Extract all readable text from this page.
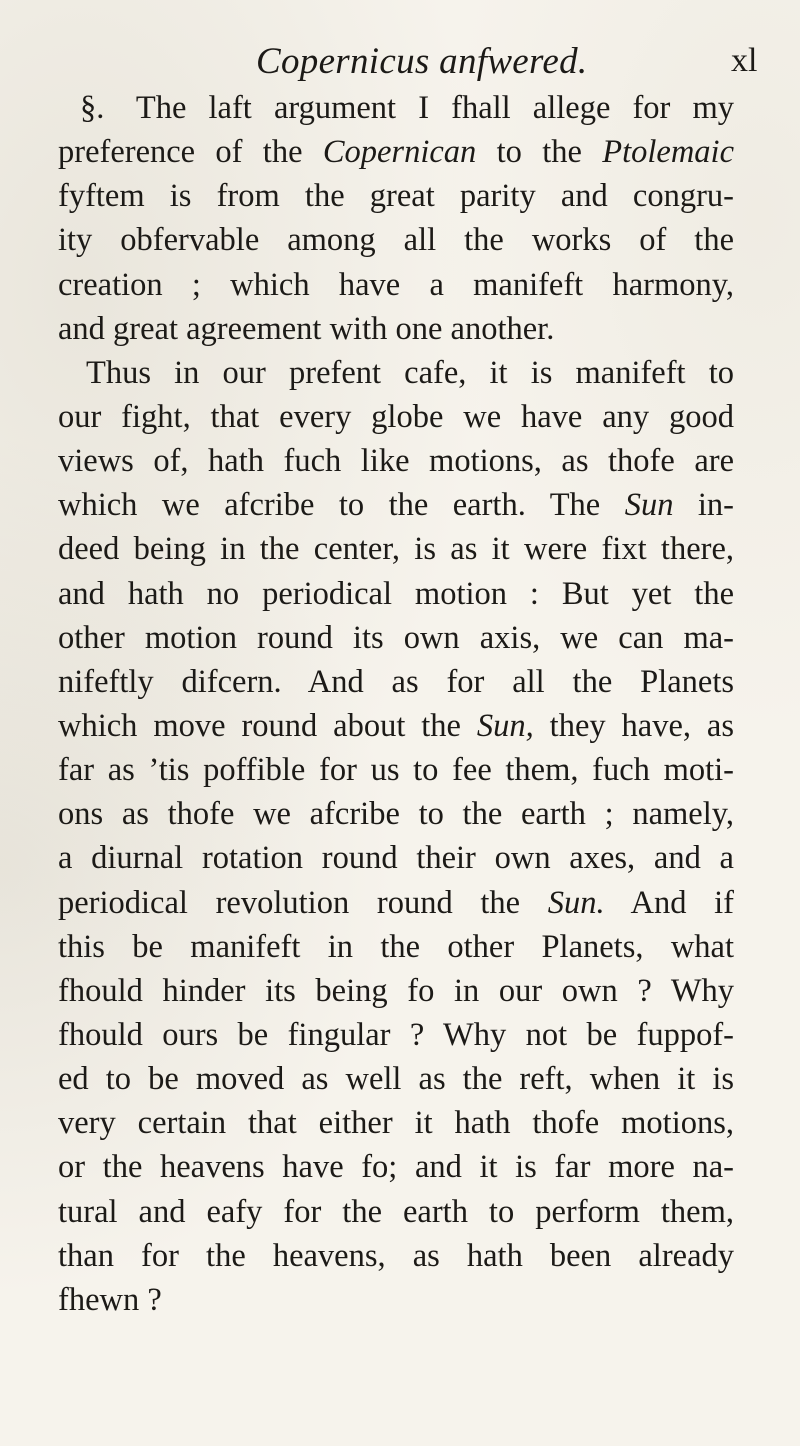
Copernicus anfwered.	xl
§. The laft argument I fhall allege for my
preference of the Copernican to the Ptolemaic
fyftem is from the great parity and congru-
ity obfervable among all the works of the
creation ; which have a manifeft harmony,
and great agreement with one another.
Thus in our prefent cafe, it is manifeft to
our fight, that every globe we have any good
views of, hath fuch like motions, as thofe are
which we afcribe to the earth. The Sun in-
deed being in the center, is as it were fixt there,
and hath no periodical motion : But yet the
other motion round its own axis, we can ma-
nifeftly difcern. And as for all the Planets
which move round about the Sun, they have, as
far as ’tis poffible for us to fee them, fuch moti-
ons as thofe we afcribe to the earth ; namely,
a diurnal rotation round their own axes, and a
periodical revolution round the Sun. And if
this be manifeft in the other Planets, what
fhould hinder its being fo in our own ? Why
fhould ours be fingular ? Why not be fuppof-
ed to be moved as well as the reft, when it is
very certain that either it hath thofe motions,
or the heavens have fo; and it is far more na-
tural and eafy for the earth to perform them,
than for the heavens, as hath been already
fhewn ?
